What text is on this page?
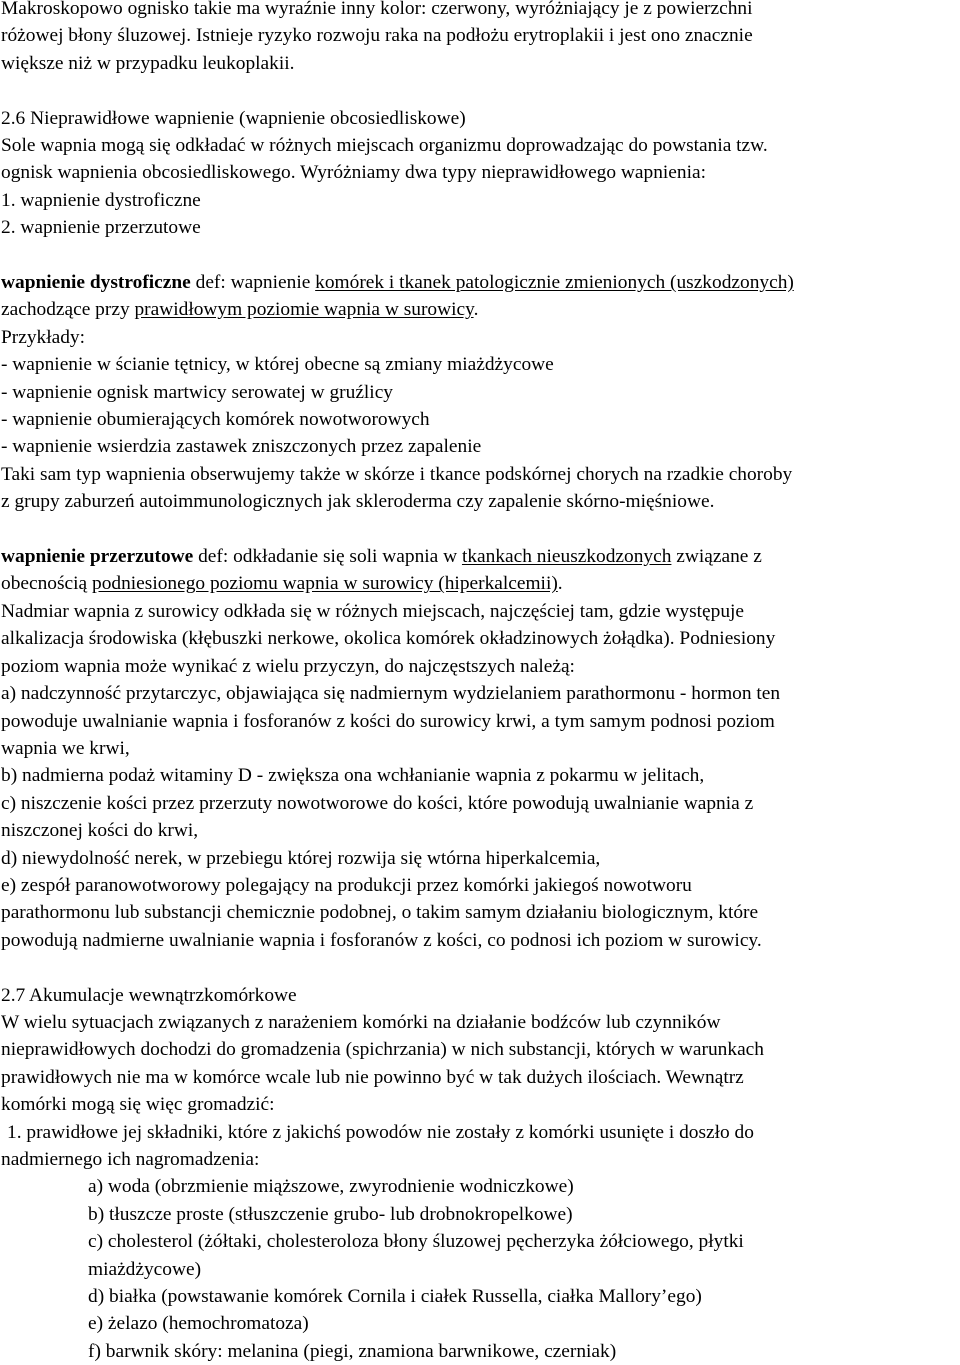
Makroskopowo ognisko takie ma wyraźnie inny kolor: czerwony, wyróżniający je z powierzchni

różowej błony śluzowej. Istnieje ryzyko rozwoju raka na podłożu erytroplakii i jest ono znacznie

większe niż w przypadku leukoplakii.

2.6 Nieprawidłowe wapnienie (wapnienie obcosiedliskowe)

Sole wapnia mogą się odkładać w różnych miejscach organizmu doprowadzając do powstania tzw.

ognisk wapnienia obcosiedliskowego. Wyróżniamy dwa typy nieprawidłowego wapnienia:

1. wapnienie dystroficzne

2. wapnienie przerzutowe

wapnienie dystroficzne def: wapnienie komórek i tkanek patologicznie zmienionych (uszkodzonych)

zachodzące przy prawidłowym poziomie wapnia w surowicy.

Przykłady:

- wapnienie w ścianie tętnicy, w której obecne są zmiany miażdżycowe

- wapnienie ognisk martwicy serowatej w gruźlicy

- wapnienie obumierających komórek nowotworowych

- wapnienie wsierdzia zastawek zniszczonych przez zapalenie

Taki sam typ wapnienia obserwujemy także w skórze i tkance podskórnej chorych na rzadkie choroby

z grupy zaburzeń autoimmunologicznych jak skleroderma czy zapalenie skórno-mięśniowe.

wapnienie przerzutowe def: odkładanie się soli wapnia w tkankach nieuszkodzonych związane z

obecnością podniesionego poziomu wapnia w surowicy (hiperkalcemii).

Nadmiar wapnia z surowicy odkłada się w różnych miejscach, najczęściej tam, gdzie występuje

alkalizacja środowiska (kłębuszki nerkowe, okolica komórek okładzinowych żołądka). Podniesiony

poziom wapnia może wynikać z wielu przyczyn, do najczęstszych należą:

a) nadczynność przytarczyc, objawiająca się nadmiernym wydzielaniem parathormonu - hormon ten

powoduje uwalnianie wapnia i fosforanów z kości do surowicy krwi, a tym samym podnosi poziom

wapnia we krwi,

b) nadmierna podaż witaminy D - zwiększa ona wchłanianie wapnia z pokarmu w jelitach,

c) niszczenie kości przez przerzuty nowotworowe do kości, które powodują uwalnianie wapnia z

niszczonej kości do krwi,

d) niewydolność nerek, w przebiegu której rozwija się wtórna hiperkalcemia,

e) zespół paranowotworowy polegający na produkcji przez komórki jakiegoś nowotworu

parathormonu lub substancji chemicznie podobnej, o takim samym działaniu biologicznym, które

powodują nadmierne uwalnianie wapnia i fosforanów z kości, co podnosi ich poziom w surowicy.

2.7 Akumulacje wewnątrzkomórkowe

W wielu sytuacjach związanych z narażeniem komórki na działanie bodźców lub czynników

nieprawidłowych dochodzi do gromadzenia (spichrzania) w nich substancji, których w warunkach

prawidłowych nie ma w komórce wcale lub nie powinno być w tak dużych ilościach. Wewnątrz

komórki mogą się więc gromadzić:

1. prawidłowe jej składniki, które z jakichś powodów nie zostały z komórki usunięte i doszło do

nadmiernego ich nagromadzenia:

a) woda (obrzmienie miąższowe, zwyrodnienie wodniczkowe)

b) tłuszcze proste (stłuszczenie grubo- lub drobnokropelkowe)

c) cholesterol (żółtaki, cholesteroloza błony śluzowej pęcherzyka żółciowego, płytki

miażdżycowe)

d) białka (powstawanie komórek Cornila i ciałek Russella, ciałka Mallory’ego)

e) żelazo (hemochromatoza)

f) barwnik skóry: melanina (piegi, znamiona barwnikowe, czerniak)
